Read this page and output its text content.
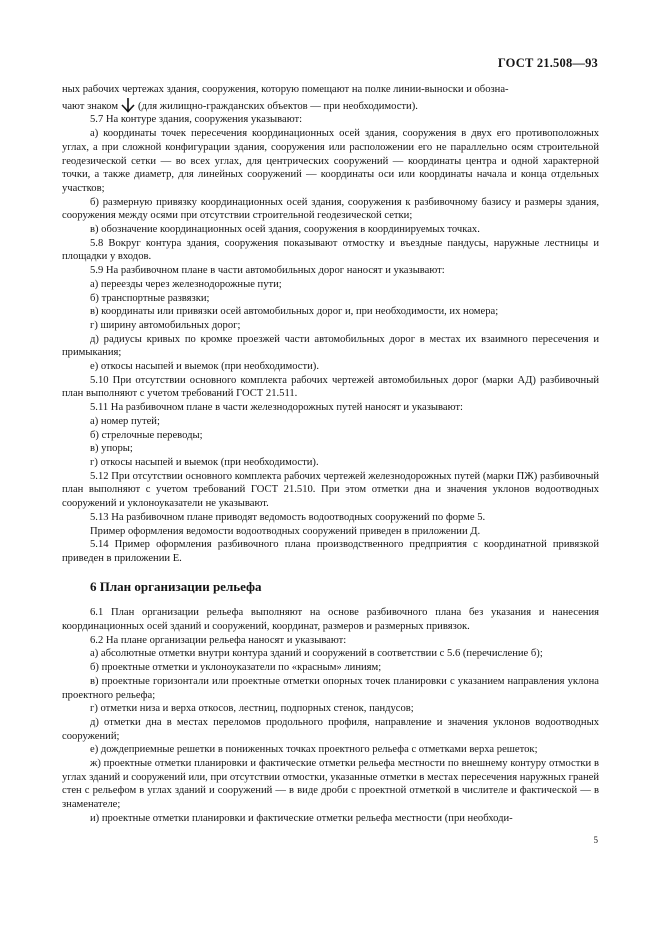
ГОСТ 21.508—93

ных рабочих чертежах здания, сооружения, которую помещают на полке линии-выноски и обозна-

чают знаком (для жилищно-гражданских объектов — при необходимости).

5.7 На контуре здания, сооружения указывают:

а) координаты точек пересечения координационных осей здания, сооружения в двух его противоположных углах, а при сложной конфигурации здания, сооружения или расположении его не параллельно осям строительной геодезической сетки — во всех углах, для центрических сооружений — координаты центра и одной характерной точки, а также диаметр, для линейных сооружений — координаты оси или координаты начала и конца отдельных участков;

б) размерную привязку координационных осей здания, сооружения к разбивочному базису и размеры здания, сооружения между осями при отсутствии строительной геодезической сетки;

в) обозначение координационных осей здания, сооружения в координируемых точках.

5.8 Вокруг контура здания, сооружения показывают отмостку и въездные пандусы, наружные лестницы и площадки у входов.

5.9 На разбивочном плане в части автомобильных дорог наносят и указывают:

а) переезды через железнодорожные пути;

б) транспортные развязки;

в) координаты или привязки осей автомобильных дорог и, при необходимости, их номера;

г) ширину автомобильных дорог;

д) радиусы кривых по кромке проезжей части автомобильных дорог в местах их взаимного пересечения и примыкания;

е) откосы насыпей и выемок (при необходимости).

5.10 При отсутствии основного комплекта рабочих чертежей автомобильных дорог (марки АД) разбивочный план выполняют с учетом требований ГОСТ 21.511.

5.11 На разбивочном плане в части железнодорожных путей наносят и указывают:

а) номер путей;

б) стрелочные переводы;

в) упоры;

г) откосы насыпей и выемок (при необходимости).

5.12 При отсутствии основного комплекта рабочих чертежей железнодорожных путей (марки ПЖ) разбивочный план выполняют с учетом требований ГОСТ 21.510. При этом отметки дна и значения уклонов водоотводных сооружений и уклоноуказатели не указывают.

5.13 На разбивочном плане приводят ведомость водоотводных сооружений по форме 5.

Пример оформления ведомости водоотводных сооружений приведен в приложении Д.

5.14 Пример оформления разбивочного плана производственного предприятия с координатной привязкой приведен в приложении Е.

6 План организации рельефа

6.1 План организации рельефа выполняют на основе разбивочного плана без указания и нанесения координационных осей зданий и сооружений, координат, размеров и размерных привязок.

6.2 На плане организации рельефа наносят и указывают:

а) абсолютные отметки внутри контура зданий и сооружений в соответствии с 5.6 (перечисление б);

б) проектные отметки и уклоноуказатели по «красным» линиям;

в) проектные горизонтали или проектные отметки опорных точек планировки с указанием направления уклона проектного рельефа;

г) отметки низа и верха откосов, лестниц, подпорных стенок, пандусов;

д) отметки дна в местах переломов продольного профиля, направление и значения уклонов водоотводных сооружений;

е) дождеприемные решетки в пониженных точках проектного рельефа с отметками верха решеток;

ж) проектные отметки планировки и фактические отметки рельефа местности по внешнему контуру отмостки в углах зданий и сооружений или, при отсутствии отмостки, указанные отметки в местах пересечения наружных граней стен с рельефом в углах зданий и сооружений — в виде дроби с проектной отметкой в числителе и фактической — в знаменателе;

и) проектные отметки планировки и фактические отметки рельефа местности (при необходи-

5
